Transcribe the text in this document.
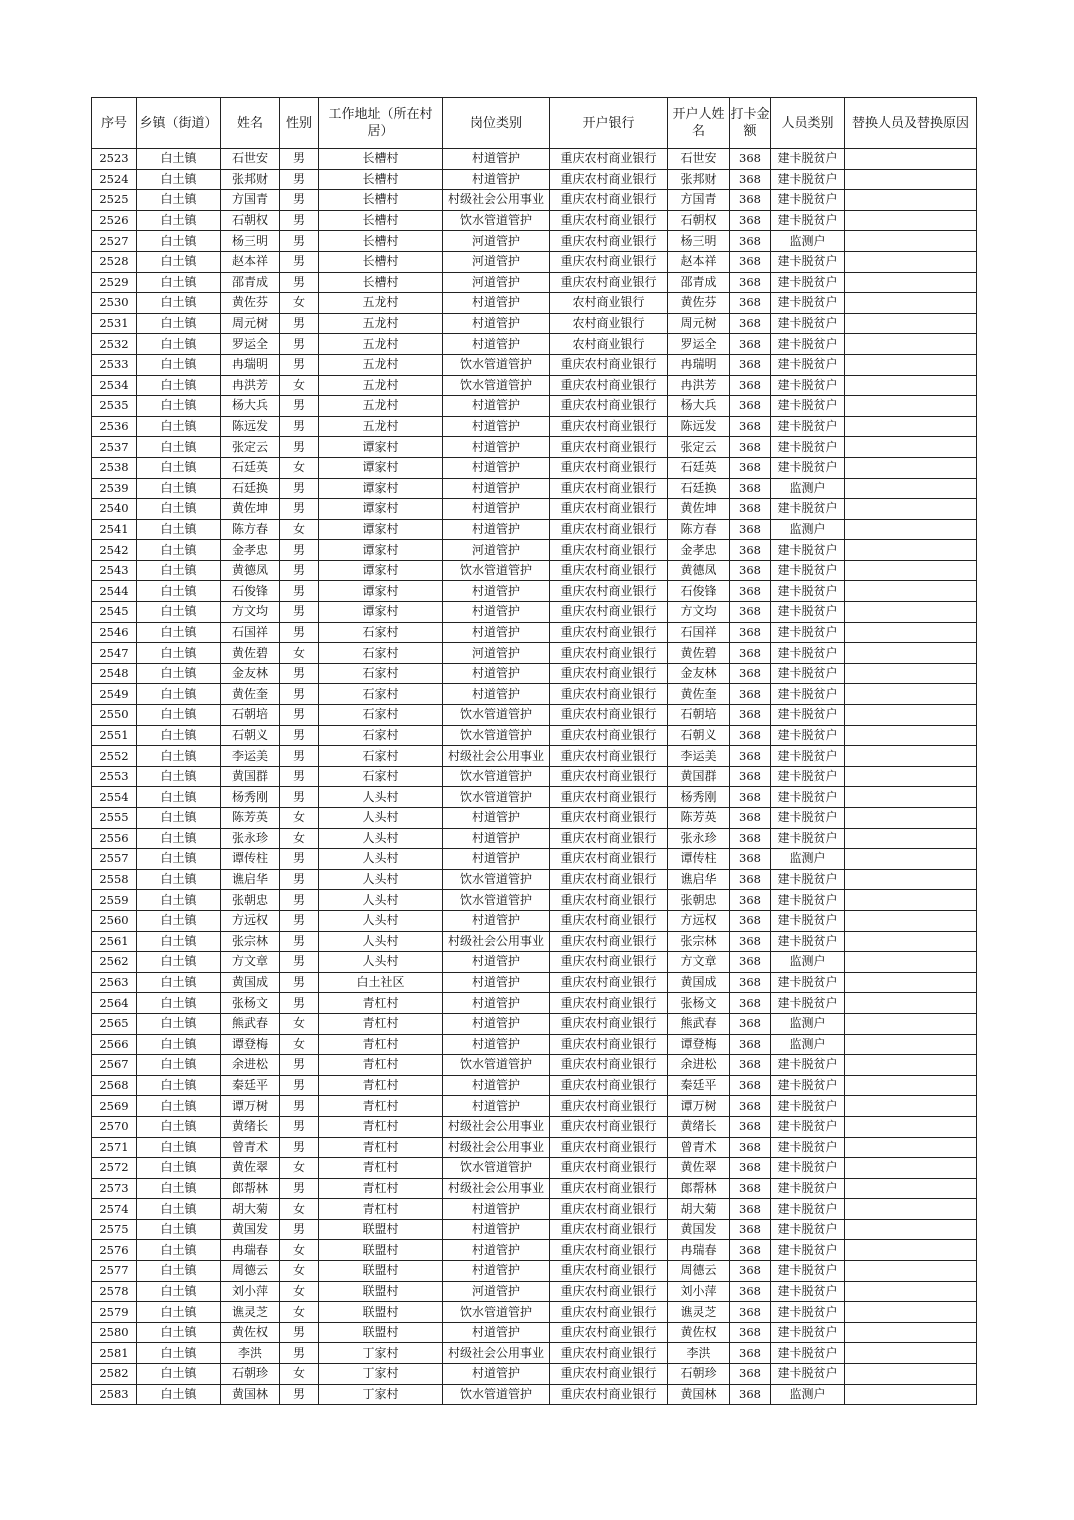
序号	乡镇（街道）	姓名	性别	工作地址（所在村居）	岗位类别	开户银行	开户人姓名	打卡金额	人员类别	替换人员及替换原因
2523	白土镇	石世安	男	长槽村	村道管护	重庆农村商业银行	石世安	368	建卡脱贫户	
2524	白土镇	张邦财	男	长槽村	村道管护	重庆农村商业银行	张邦财	368	建卡脱贫户	
2525	白土镇	方国青	男	长槽村	村级社会公用事业	重庆农村商业银行	方国青	368	建卡脱贫户	
2526	白土镇	石朝权	男	长槽村	饮水管道管护	重庆农村商业银行	石朝权	368	建卡脱贫户	
2527	白土镇	杨三明	男	长槽村	河道管护	重庆农村商业银行	杨三明	368	监测户	
2528	白土镇	赵本祥	男	长槽村	河道管护	重庆农村商业银行	赵本祥	368	建卡脱贫户	
2529	白土镇	邵青成	男	长槽村	河道管护	重庆农村商业银行	邵青成	368	建卡脱贫户	
2530	白土镇	黄佐芬	女	五龙村	村道管护	农村商业银行	黄佐芬	368	建卡脱贫户	
2531	白土镇	周元树	男	五龙村	村道管护	农村商业银行	周元树	368	建卡脱贫户	
2532	白土镇	罗运全	男	五龙村	村道管护	农村商业银行	罗运全	368	建卡脱贫户	
2533	白土镇	冉瑞明	男	五龙村	饮水管道管护	重庆农村商业银行	冉瑞明	368	建卡脱贫户	
2534	白土镇	冉洪芳	女	五龙村	饮水管道管护	重庆农村商业银行	冉洪芳	368	建卡脱贫户	
2535	白土镇	杨大兵	男	五龙村	村道管护	重庆农村商业银行	杨大兵	368	建卡脱贫户	
2536	白土镇	陈远发	男	五龙村	村道管护	重庆农村商业银行	陈远发	368	建卡脱贫户	
2537	白土镇	张定云	男	谭家村	村道管护	重庆农村商业银行	张定云	368	建卡脱贫户	
2538	白土镇	石廷英	女	谭家村	村道管护	重庆农村商业银行	石廷英	368	建卡脱贫户	
2539	白土镇	石廷换	男	谭家村	村道管护	重庆农村商业银行	石廷换	368	监测户	
2540	白土镇	黄佐坤	男	谭家村	村道管护	重庆农村商业银行	黄佐坤	368	建卡脱贫户	
2541	白土镇	陈方春	女	谭家村	村道管护	重庆农村商业银行	陈方春	368	监测户	
2542	白土镇	金孝忠	男	谭家村	河道管护	重庆农村商业银行	金孝忠	368	建卡脱贫户	
2543	白土镇	黄德凤	男	谭家村	饮水管道管护	重庆农村商业银行	黄德凤	368	建卡脱贫户	
2544	白土镇	石俊锋	男	谭家村	村道管护	重庆农村商业银行	石俊锋	368	建卡脱贫户	
2545	白土镇	方文均	男	谭家村	村道管护	重庆农村商业银行	方文均	368	建卡脱贫户	
2546	白土镇	石国祥	男	石家村	村道管护	重庆农村商业银行	石国祥	368	建卡脱贫户	
2547	白土镇	黄佐碧	女	石家村	河道管护	重庆农村商业银行	黄佐碧	368	建卡脱贫户	
2548	白土镇	金友林	男	石家村	村道管护	重庆农村商业银行	金友林	368	建卡脱贫户	
2549	白土镇	黄佐奎	男	石家村	村道管护	重庆农村商业银行	黄佐奎	368	建卡脱贫户	
2550	白土镇	石朝培	男	石家村	饮水管道管护	重庆农村商业银行	石朝培	368	建卡脱贫户	
2551	白土镇	石朝义	男	石家村	饮水管道管护	重庆农村商业银行	石朝义	368	建卡脱贫户	
2552	白土镇	李运美	男	石家村	村级社会公用事业	重庆农村商业银行	李运美	368	建卡脱贫户	
2553	白土镇	黄国群	男	石家村	饮水管道管护	重庆农村商业银行	黄国群	368	建卡脱贫户	
2554	白土镇	杨秀刚	男	人头村	饮水管道管护	重庆农村商业银行	杨秀刚	368	建卡脱贫户	
2555	白土镇	陈芳英	女	人头村	村道管护	重庆农村商业银行	陈芳英	368	建卡脱贫户	
2556	白土镇	张永珍	女	人头村	村道管护	重庆农村商业银行	张永珍	368	建卡脱贫户	
2557	白土镇	谭传柱	男	人头村	村道管护	重庆农村商业银行	谭传柱	368	监测户	
2558	白土镇	谯启华	男	人头村	饮水管道管护	重庆农村商业银行	谯启华	368	建卡脱贫户	
2559	白土镇	张朝忠	男	人头村	饮水管道管护	重庆农村商业银行	张朝忠	368	建卡脱贫户	
2560	白土镇	方远权	男	人头村	村道管护	重庆农村商业银行	方远权	368	建卡脱贫户	
2561	白土镇	张宗林	男	人头村	村级社会公用事业	重庆农村商业银行	张宗林	368	建卡脱贫户	
2562	白土镇	方文章	男	人头村	村道管护	重庆农村商业银行	方文章	368	监测户	
2563	白土镇	黄国成	男	白土社区	村道管护	重庆农村商业银行	黄国成	368	建卡脱贫户	
2564	白土镇	张杨文	男	青杠村	村道管护	重庆农村商业银行	张杨文	368	建卡脱贫户	
2565	白土镇	熊武春	女	青杠村	村道管护	重庆农村商业银行	熊武春	368	监测户	
2566	白土镇	谭登梅	女	青杠村	村道管护	重庆农村商业银行	谭登梅	368	监测户	
2567	白土镇	余进松	男	青杠村	饮水管道管护	重庆农村商业银行	余进松	368	建卡脱贫户	
2568	白土镇	秦廷平	男	青杠村	村道管护	重庆农村商业银行	秦廷平	368	建卡脱贫户	
2569	白土镇	谭万树	男	青杠村	村道管护	重庆农村商业银行	谭万树	368	建卡脱贫户	
2570	白土镇	黄绪长	男	青杠村	村级社会公用事业	重庆农村商业银行	黄绪长	368	建卡脱贫户	
2571	白土镇	曾青术	男	青杠村	村级社会公用事业	重庆农村商业银行	曾青术	368	建卡脱贫户	
2572	白土镇	黄佐翠	女	青杠村	饮水管道管护	重庆农村商业银行	黄佐翠	368	建卡脱贫户	
2573	白土镇	郎帮林	男	青杠村	村级社会公用事业	重庆农村商业银行	郎帮林	368	建卡脱贫户	
2574	白土镇	胡大菊	女	青杠村	村道管护	重庆农村商业银行	胡大菊	368	建卡脱贫户	
2575	白土镇	黄国发	男	联盟村	村道管护	重庆农村商业银行	黄国发	368	建卡脱贫户	
2576	白土镇	冉瑞春	女	联盟村	村道管护	重庆农村商业银行	冉瑞春	368	建卡脱贫户	
2577	白土镇	周德云	女	联盟村	村道管护	重庆农村商业银行	周德云	368	建卡脱贫户	
2578	白土镇	刘小萍	女	联盟村	河道管护	重庆农村商业银行	刘小萍	368	建卡脱贫户	
2579	白土镇	谯灵芝	女	联盟村	饮水管道管护	重庆农村商业银行	谯灵芝	368	建卡脱贫户	
2580	白土镇	黄佐权	男	联盟村	村道管护	重庆农村商业银行	黄佐权	368	建卡脱贫户	
2581	白土镇	李洪	男	丁家村	村级社会公用事业	重庆农村商业银行	李洪	368	建卡脱贫户	
2582	白土镇	石朝珍	女	丁家村	村道管护	重庆农村商业银行	石朝珍	368	建卡脱贫户	
2583	白土镇	黄国林	男	丁家村	饮水管道管护	重庆农村商业银行	黄国林	368	监测户	
